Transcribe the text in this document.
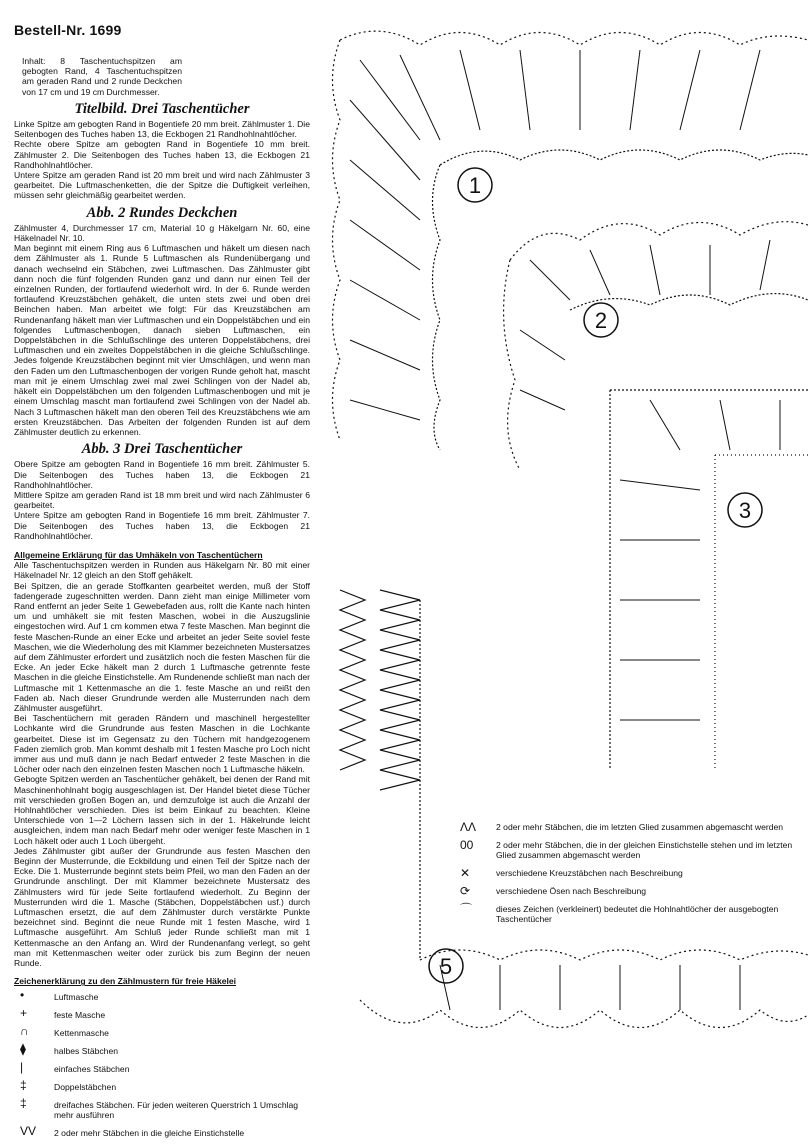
Bestell-Nr. 1699

Inhalt: 8 Taschentuchspitzen am gebogten Rand, 4 Taschentuchspitzen am geraden Rand und 2 runde Deckchen von 17 cm und 19 cm Durchmesser.

Titelbild. Drei Taschentücher

Linke Spitze am gebogten Rand in Bogentiefe 20 mm breit. Zählmuster 1. Die Seitenbogen des Tuches haben 13, die Eckbogen 21 Randhohlnahtlöcher.

Rechte obere Spitze am gebogten Rand in Bogentiefe 10 mm breit. Zählmuster 2. Die Seitenbogen des Tuches haben 13, die Eckbogen 21 Randhohlnahtlöcher.

Untere Spitze am geraden Rand ist 20 mm breit und wird nach Zählmuster 3 gearbeitet. Die Luftmaschenketten, die der Spitze die Duftigkeit verleihen, müssen sehr gleichmäßig gearbeitet werden.

Abb. 2 Rundes Deckchen

Zählmuster 4, Durchmesser 17 cm, Material 10 g Häkelgarn Nr. 60, eine Häkelnadel Nr. 10.

Man beginnt mit einem Ring aus 6 Luftmaschen und häkelt um diesen nach dem Zählmuster als 1. Runde 5 Luftmaschen als Rundenübergang und danach wechselnd ein Stäbchen, zwei Luftmaschen. Das Zählmuster gibt dann noch die fünf folgenden Runden ganz und dann nur einen Teil der einzelnen Runden, der fortlaufend wiederholt wird. In der 6. Runde werden fortlaufend Kreuzstäbchen gehäkelt, die unten stets zwei und oben drei Beinchen haben. Man arbeitet wie folgt: Für das Kreuzstäbchen am Rundenanfang häkelt man vier Luftmaschen und ein Doppelstäbchen und ein folgendes Luftmaschenbogen, danach sieben Luftmaschen, ein Doppelstäbchen in die Schlußschlinge des unteren Doppelstäbchens, drei Luftmaschen und ein zweites Doppelstäbchen in die gleiche Schlußschlinge. Jedes folgende Kreuzstäbchen beginnt mit vier Umschlägen, und wenn man den Faden um den Luftmaschenbogen der vorigen Runde geholt hat, mascht man mit je einem Umschlag zwei mal zwei Schlingen von der Nadel ab, häkelt ein Doppelstäbchen um den folgenden Luftmaschenbogen und mit je einem Umschlag mascht man fortlaufend zwei Schlingen von der Nadel ab. Nach 3 Luftmaschen häkelt man den oberen Teil des Kreuzstäbchens wie am ersten Kreuzstäbchen. Das Arbeiten der folgenden Runden ist auf dem Zählmuster deutlich zu erkennen.

Abb. 3 Drei Taschentücher

Obere Spitze am gebogten Rand in Bogentiefe 16 mm breit. Zählmuster 5. Die Seitenbogen des Tuches haben 13, die Eckbogen 21 Randhohlnahtlöcher.

Mittlere Spitze am geraden Rand ist 18 mm breit und wird nach Zählmuster 6 gearbeitet.

Untere Spitze am gebogten Rand in Bogentiefe 16 mm breit. Zählmuster 7. Die Seitenbogen des Tuches haben 13, die Eckbogen 21 Randhohlnahtlöcher.

Allgemeine Erklärung für das Umhäkeln von Taschentüchern

Alle Taschentuchspitzen werden in Runden aus Häkelgarn Nr. 80 mit einer Häkelnadel Nr. 12 gleich an den Stoff gehäkelt.

Bei Spitzen, die an gerade Stoffkanten gearbeitet werden, muß der Stoff fadengerade zugeschnitten werden. Dann zieht man einige Millimeter vom Rand entfernt an jeder Seite 1 Gewebefaden aus, rollt die Kante nach hinten um und umhäkelt sie mit festen Maschen, wobei in die Auszugslinie eingestochen wird. Auf 1 cm kommen etwa 7 feste Maschen. Man beginnt die feste Maschen-Runde an einer Ecke und arbeitet an jeder Seite soviel feste Maschen, wie die Wiederholung des mit Klammer bezeichneten Mustersatzes auf dem Zählmuster erfordert und zusätzlich noch die festen Maschen für die Ecke. An jeder Ecke häkelt man 2 durch 1 Luftmasche getrennte feste Maschen in die gleiche Einstichstelle. Am Rundenende schließt man nach der Luftmasche mit 1 Kettenmasche an die 1. feste Masche an und reißt den Faden ab. Nach dieser Grundrunde werden alle Musterrunden nach dem Zählmuster ausgeführt.

Bei Taschentüchern mit geraden Rändern und maschinell hergestellter Lochkante wird die Grundrunde aus festen Maschen in die Lochkante gearbeitet. Diese ist im Gegensatz zu den Tüchern mit handgezogenem Faden ziemlich grob. Man kommt deshalb mit 1 festen Masche pro Loch nicht immer aus und muß dann je nach Bedarf entweder 2 feste Maschen in die Löcher oder nach den einzelnen festen Maschen noch 1 Luftmasche häkeln.

Gebogte Spitzen werden an Taschentücher gehäkelt, bei denen der Rand mit Maschinenhohlnaht bogig ausgeschlagen ist. Der Handel bietet diese Tücher mit verschieden großen Bogen an, und demzufolge ist auch die Anzahl der Hohlnahtlöcher verschieden. Dies ist beim Einkauf zu beachten. Kleine Unterschiede von 1—2 Löchern lassen sich in der 1. Häkelrunde leicht ausgleichen, indem man nach Bedarf mehr oder weniger feste Maschen in 1 Loch häkelt oder auch 1 Loch übergeht.

Jedes Zählmuster gibt außer der Grundrunde aus festen Maschen den Beginn der Musterrunde, die Eckbildung und einen Teil der Spitze nach der Ecke. Die 1. Musterrunde beginnt stets beim Pfeil, wo man den Faden an der Grundrunde anschlingt. Der mit Klammer bezeichnete Mustersatz des Zählmusters wird für jede Seite fortlaufend wiederholt. Zu Beginn der Musterrunden wird die 1. Masche (Stäbchen, Doppelstäbchen usf.) durch Luftmaschen ersetzt, die auf dem Zählmuster durch verstärkte Punkte bezeichnet sind. Beginnt die neue Runde mit 1 festen Masche, wird 1 Luftmasche ausgeführt. Am Schluß jeder Runde schließt man mit 1 Kettenmasche an den Anfang an. Wird der Rundenanfang verlegt, so geht man mit Kettenmaschen weiter oder zurück bis zum Beginn der neuen Runde.

Zeichenerklärung zu den Zählmustern für freie Häkelei
•	Luftmasche
+	feste Masche
∩	Kettenmasche
⧫	halbes Stäbchen
|	einfaches Stäbchen
‡	Doppelstäbchen
‡	dreifaches Stäbchen. Für jeden weiteren Querstrich 1 Umschlag mehr ausführen
VV	2 oder mehr Stäbchen in die gleiche Einstichstelle
1
2
3
5
ΛΛ	2 oder mehr Stäbchen, die im letzten Glied zusammen abgemascht werden
00	2 oder mehr Stäbchen, die in der gleichen Einstichstelle stehen und im letzten Glied zusammen abgemascht werden
✕	verschiedene Kreuzstäbchen nach Beschreibung
⟳	verschiedene Ösen nach Beschreibung
⌒	dieses Zeichen (verkleinert) bedeutet die Hohlnahtlöcher der ausgebogten Taschentücher
